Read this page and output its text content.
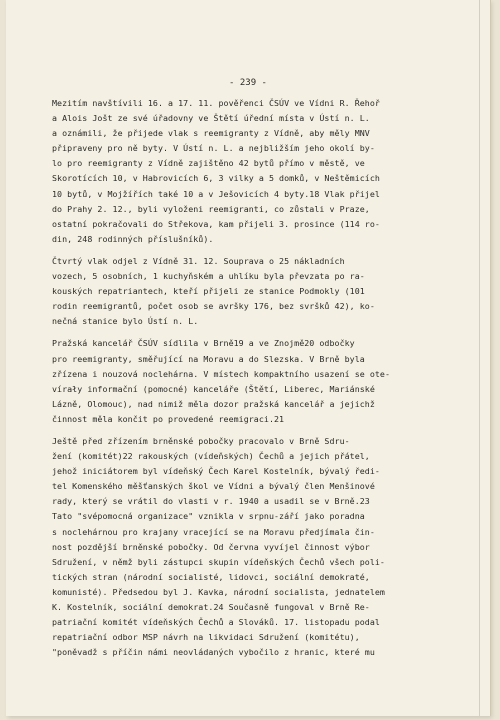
- 239 -
Mezitím navštívili 16. a 17. 11. pověřenci ČSÚV ve Vídni R. Řehoř
a Alois Jošt ze své úřadovny ve Štětí úřední místa v Ústí n. L.
a oznámili, že přijede vlak s reemigranty z Vídně, aby měly MNV
připraveny pro ně byty. V Ústí n. L. a nejbližším jeho okolí by-
lo pro reemigranty z Vídně zajištěno 42 bytů přímo v městě, ve
Skorotících 10, v Habrovicích 6, 3 vilky a 5 domků, v Neštěmicích
10 bytů, v Mojžířích také 10 a v Ješovicích 4 byty.18 Vlak přijel
do Prahy 2. 12., byli vyloženi reemigranti, co zůstali v Praze,
ostatní pokračovali do Střekova, kam přijeli 3. prosince (114 ro-
din, 248 rodinných příslušníků).
Čtvrtý vlak odjel z Vídně 31. 12. Souprava o 25 nákladních
vozech, 5 osobních, 1 kuchyňském a uhlíku byla převzata po ra-
kouských repatriantech, kteří přijeli ze stanice Podmokly (101
rodin reemigrantů, počet osob se avršky 176, bez svršků 42), ko-
nečná stanice bylo Ústí n. L.
Pražská kancelář ČSÚV sídlila v Brně19 a ve Znojmě20 odbočky
pro reemigranty, směřující na Moravu a do Slezska. V Brně byla
zřízena i nouzová noclehárna. V místech kompaktního usazení se ote-
vírały informační (pomocné) kanceláře (Štětí, Liberec, Mariánské
Lázně, Olomouc), nad nimiž měla dozor pražská kancelář a jejichž
činnost měla končit po provedené reemigraci.21
Ještě před zřízením brněnské pobočky pracovalo v Brně Sdru-
žení (komitét)22 rakouských (vídeňských) Čechů a jejich přátel,
jehož iniciátorem byl vídeňský Čech Karel Kostelník, bývalý ředi-
tel Komenského měšťanských škol ve Vídni a bývalý člen Menšinové
rady, který se vrátil do vlasti v r. 1940 a usadil se v Brně.23
Tato "svépomocná organizace" vznikla v srpnu-září jako poradna
s noclehárnou pro krajany vracející se na Moravu předjímala čin-
nost pozdější brněnské pobočky. Od června vyvíjel činnost výbor
Sdružení, v němž byli zástupci skupin vídeňských Čechů všech poli-
tických stran (národní socialisté, lidovci, sociální demokraté,
komunisté). Předsedou byl J. Kavka, národní socialista, jednatelem
K. Kostelník, sociální demokrat.24 Současně fungoval v Brně Re-
patriační komitét vídeňských Čechů a Slováků. 17. listopadu podal
repatriační odbor MSP návrh na likvidaci Sdružení (komitétu),
"poněvadž s příčin námi neovládaných vybočilo z hranic, které mu
